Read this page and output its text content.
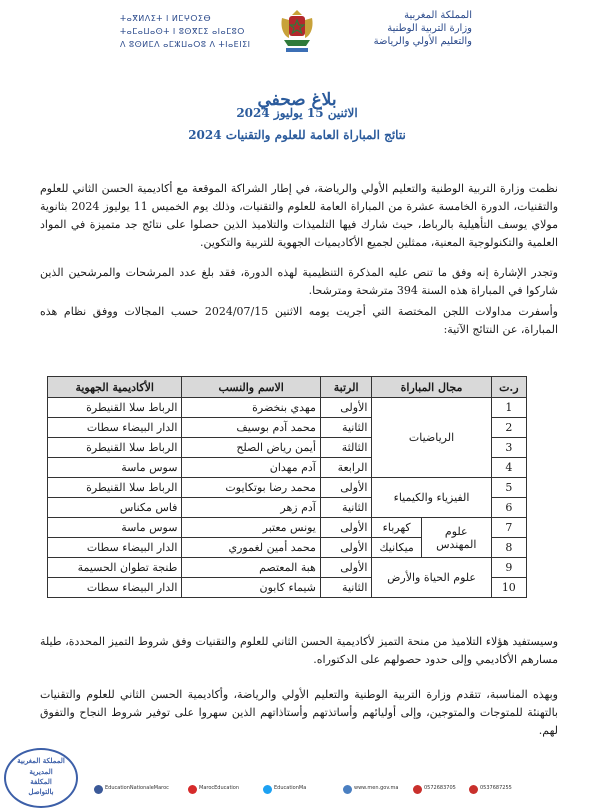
ⵜⴰⴳⵍⴷⵉⵜ ⵏ ⵍⵎⵖⵔⵉⴱ
ⵜⴰⵎⴰⵡⴰⵙⵜ ⵏ ⵓⵙⴳⵎⵉ ⴰⵏⴰⵎⵓⵔ
ⴷ ⵓⵙⵍⵎⴷ ⴰⵎⵣⵡⴰⵔⵓ ⴷ ⵜⵏⴰⴹⵏⵉⵏ
المملكة المغربية
وزارة التربية الوطنية
والتعليم الأولي والرياضة
بلاغ صحفي
الاثنين 15 يوليوز 2024
نتائج المباراة العامة للعلوم والتقنيات 2024

نظمت وزارة التربية الوطنية والتعليم الأولي والرياضة، في إطار الشراكة الموقعة مع أكاديمية الحسن الثاني للعلوم والتقنيات، الدورة الخامسة عشرة من المباراة العامة للعلوم والتقنيات، وذلك يوم الخميس 11 يوليوز 2024 بثانوية مولاي يوسف التأهيلية بالرباط، حيث شارك فيها التلميذات والتلاميذ الذين حصلوا على نتائج جد متميزة في المواد العلمية والتكنولوجية المعنية، ممثلين لجميع الأكاديميات الجهوية للتربية والتكوين.

وتجدر الإشارة إنه وفق ما تنص عليه المذكرة التنظيمية لهذه الدورة، فقد بلغ عدد المرشحات والمرشحين الذين شاركوا في المباراة هذه السنة 394 مترشحة ومترشحا.

وأسفرت مداولات اللجن المختصة التي أجريت يومه الاثنين 2024/07/15 حسب المجالات ووفق نظام هذه المباراة، عن النتائج الآتية:

ر.ت	مجال المباراة		الرتبة	الاسم والنسب	الأكاديمية الجهوية
1	الرياضيات		الأولى	مهدي بنخضرة	الرباط سلا القنيطرة
2			الثانية	محمد آدم بوسيف	الدار البيضاء سطات
3			الثالثة	أيمن رياض الصلح	الرباط سلا القنيطرة
4			الرابعة	آدم مهدان	سوس ماسة
5	الفيزياء والكيمياء		الأولى	محمد رضا بوتكايوت	الرباط سلا القنيطرة
6			الثانية	آدم زهر	فاس مكناس
7	علوم المهندس	كهرباء	الأولى	يونس معتبر	سوس ماسة
8		ميكانيك	الأولى	محمد أمين لغموري	الدار البيضاء سطات
9	علوم الحياة والأرض		الأولى	هبة المعتصم	طنجة تطوان الحسيمة
10			الثانية	شيماء كابون	الدار البيضاء سطات

وسيستفيد هؤلاء التلاميذ من منحة التميز لأكاديمية الحسن الثاني للعلوم والتقنيات وفق شروط التميز المحددة، طيلة مسارهم الأكاديمي وإلى حدود حصولهم على الدكتوراه.

وبهذه المناسبة، تتقدم وزارة التربية الوطنية والتعليم الأولي والرياضة، وأكاديمية الحسن الثاني للعلوم والتقنيات بالتهنئة للمتوجات والمتوجين، وإلى أوليائهم وأساتذتهم وأستاذاتهم الذين سهروا على توفير شروط النجاح والتفوق لهم.

المملكة المغربية
المديرية
المكلفة
بالتواصل	EducationNationaleMaroc	MarocEducation	EducationMa	www.men.gov.ma	0572683705	0537687255
